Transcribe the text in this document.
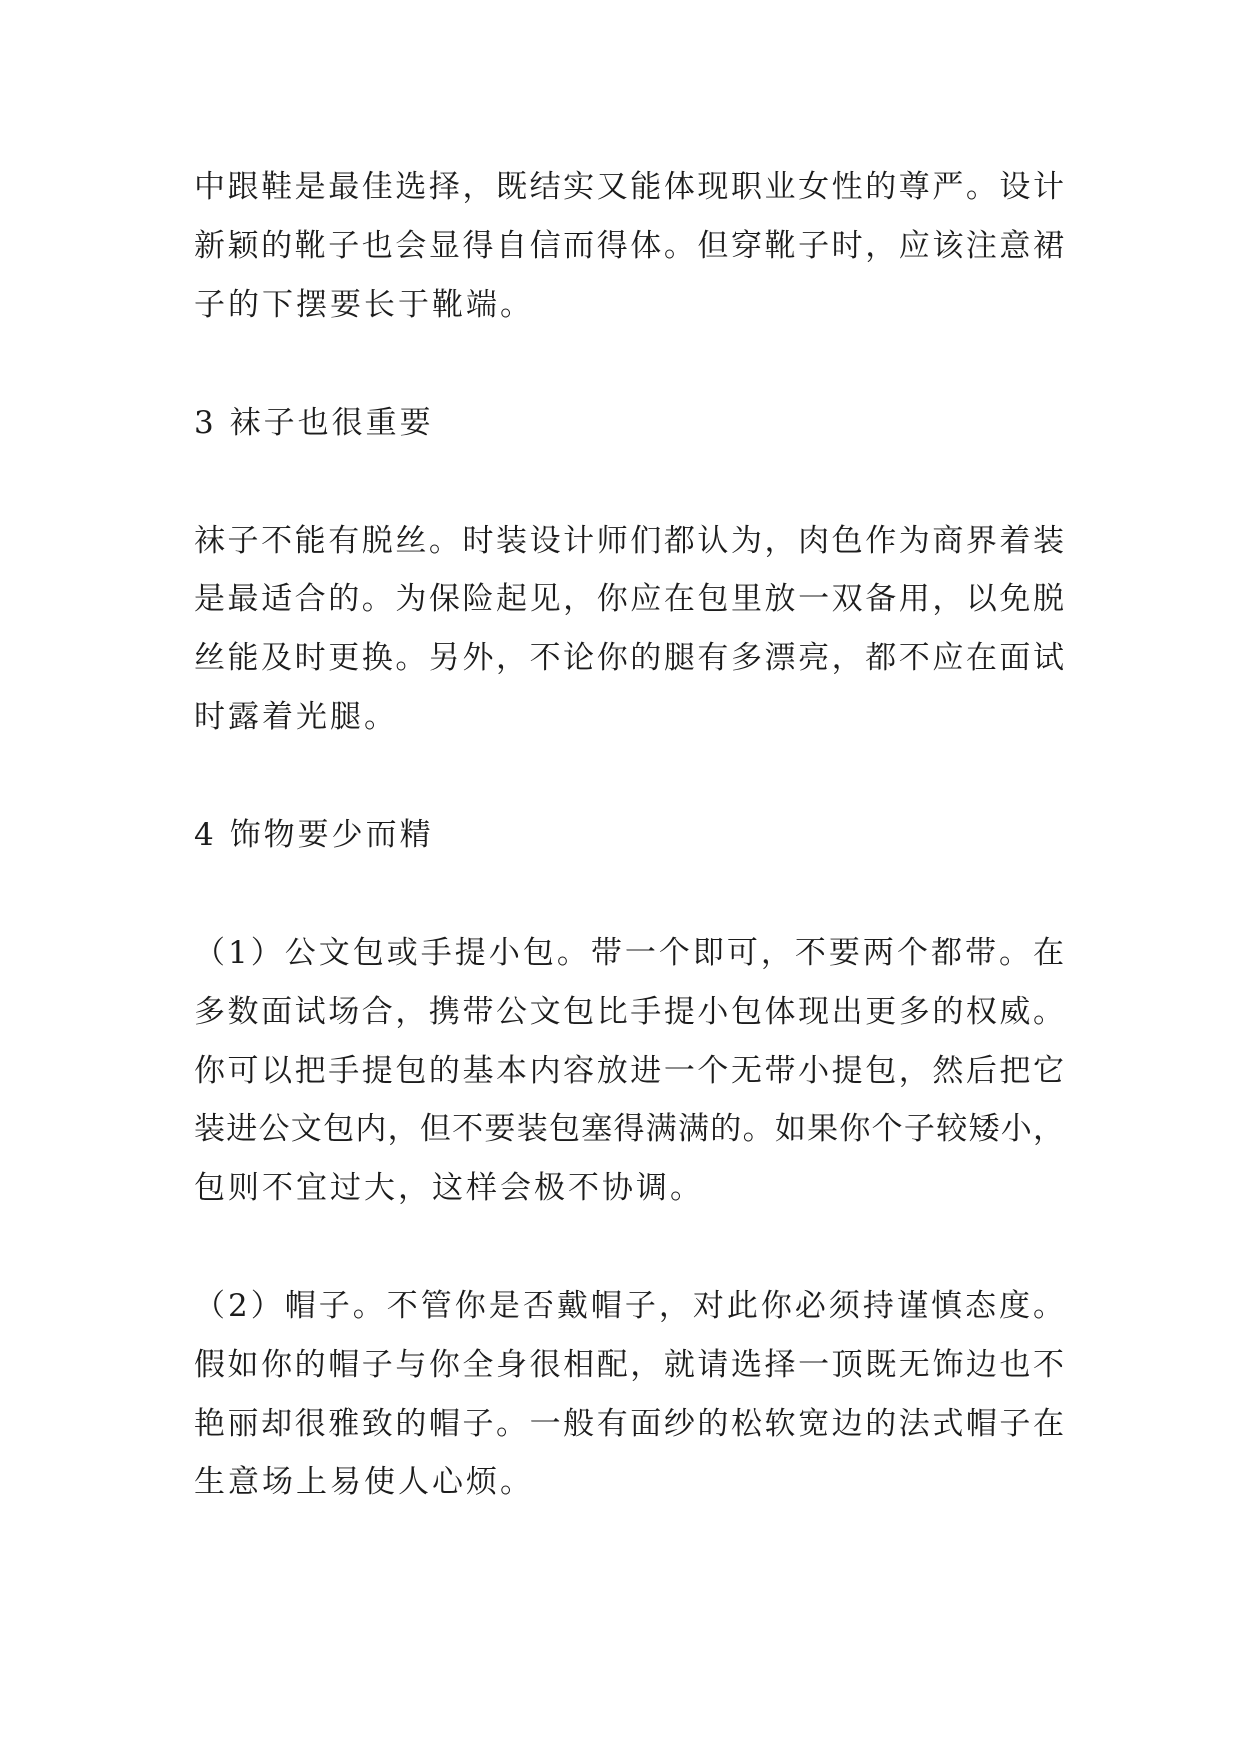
中跟鞋是最佳选择，既结实又能体现职业女性的尊严。设计
新颖的靴子也会显得自信而得体。但穿靴子时，应该注意裙
子的下摆要长于靴端。
3 袜子也很重要
袜子不能有脱丝。时装设计师们都认为，肉色作为商界着装
是最适合的。为保险起见，你应在包里放一双备用，以免脱
丝能及时更换。另外，不论你的腿有多漂亮，都不应在面试
时露着光腿。
4 饰物要少而精
（1）公文包或手提小包。带一个即可，不要两个都带。在
多数面试场合，携带公文包比手提小包体现出更多的权威。
你可以把手提包的基本内容放进一个无带小提包，然后把它
装进公文包内，但不要装包塞得满满的。如果你个子较矮小，
包则不宜过大，这样会极不协调。
（2）帽子。不管你是否戴帽子，对此你必须持谨慎态度。
假如你的帽子与你全身很相配，就请选择一顶既无饰边也不
艳丽却很雅致的帽子。一般有面纱的松软宽边的法式帽子在
生意场上易使人心烦。
